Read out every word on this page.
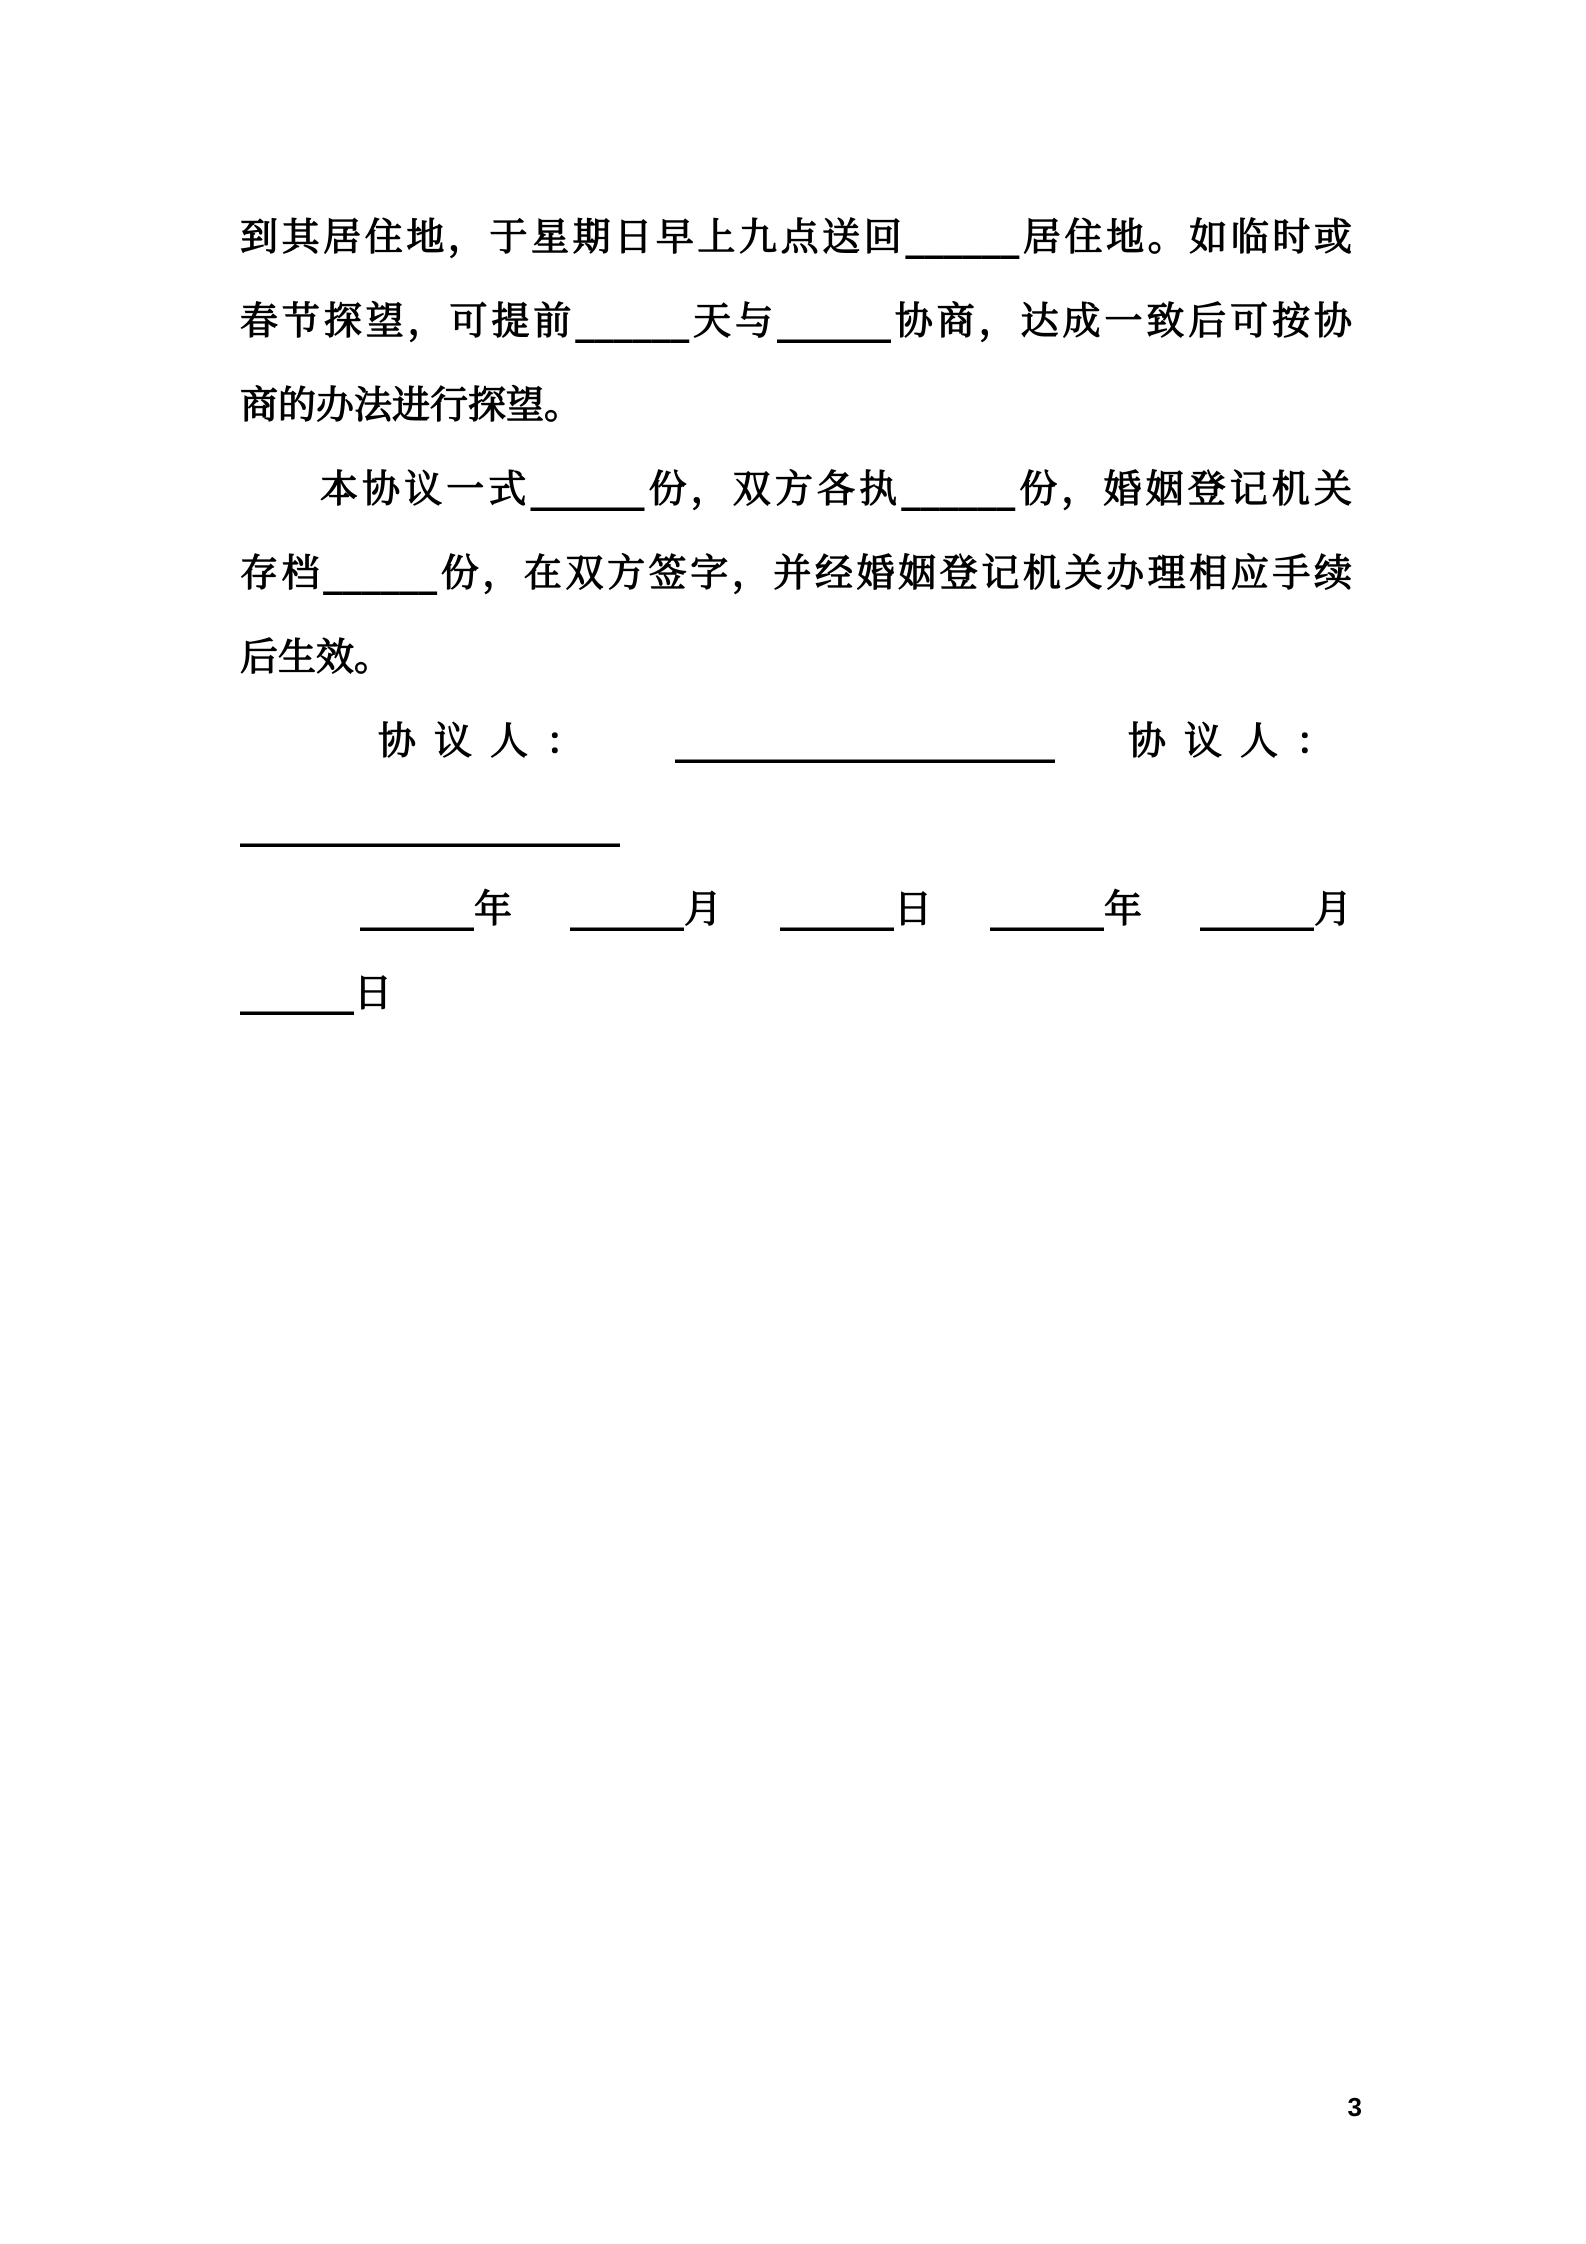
到其居住地，于星期日早上九点送回______居住地。如临时或
春节探望，可提前______天与______协商，达成一致后可按协
商的办法进行探望。
本协议一式______份，双方各执______份，婚姻登记机关
存档______份，在双方签字，并经婚姻登记机关办理相应手续
后生效。
协议人： ____________________ 协议人：
____________________
______年 ______月 ______日 ______年 ______月
______日
3
